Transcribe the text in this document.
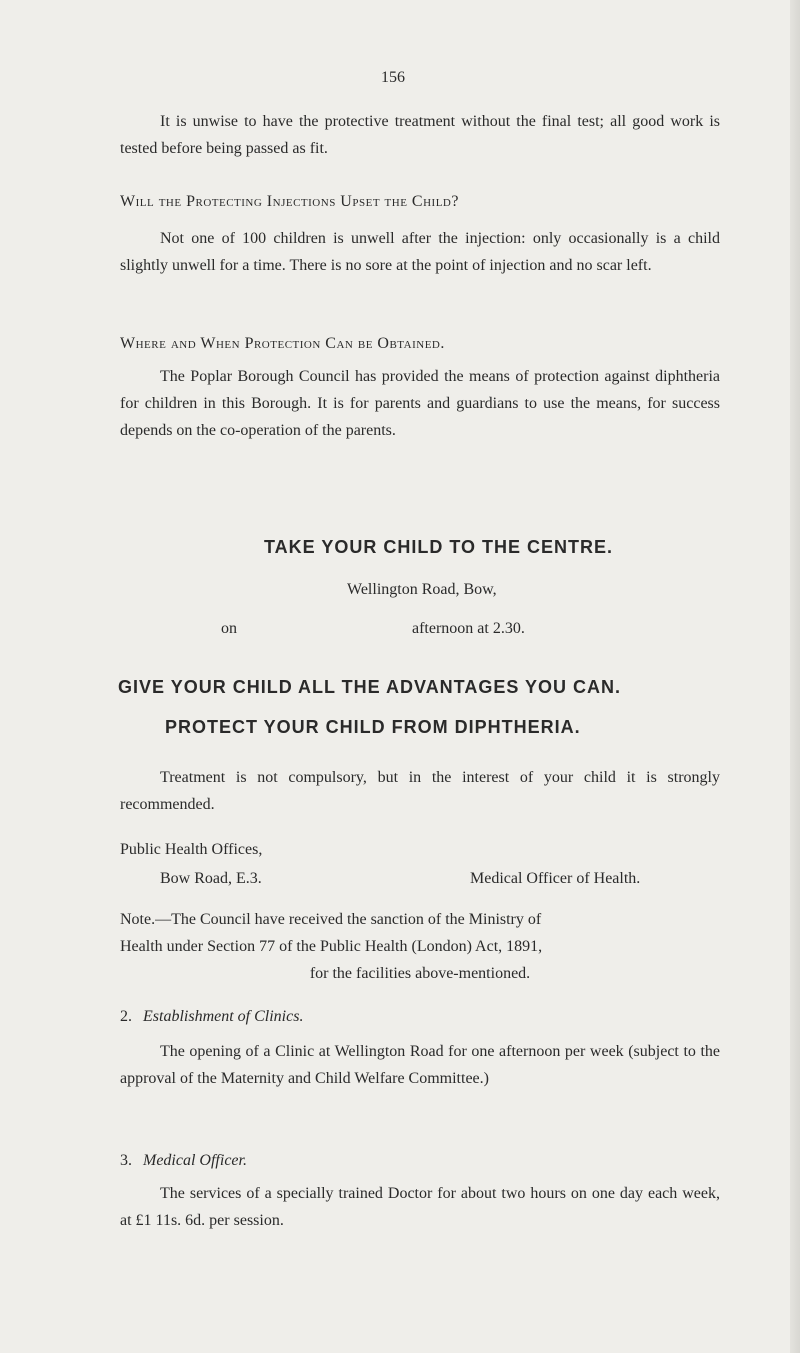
156
It is unwise to have the protective treatment without the final test; all good work is tested before being passed as fit.
Will the Protecting Injections Upset the Child?
Not one of 100 children is unwell after the injection: only occasionally is a child slightly unwell for a time. There is no sore at the point of injection and no scar left.
Where and When Protection Can be Obtained.
The Poplar Borough Council has provided the means of protection against diphtheria for children in this Borough. It is for parents and guardians to use the means, for success depends on the co-operation of the parents.
TAKE YOUR CHILD TO THE CENTRE.
Wellington Road, Bow,
on	afternoon at 2.30.
GIVE YOUR CHILD ALL THE ADVANTAGES YOU CAN.
PROTECT YOUR CHILD FROM DIPHTHERIA.
Treatment is not compulsory, but in the interest of your child it is strongly recommended.
Public Health Offices,
Bow Road, E.3.	Medical Officer of Health.
Note.—The Council have received the sanction of the Ministry of
Health under Section 77 of the Public Health (London) Act, 1891,
for the facilities above-mentioned.
2. Establishment of Clinics.
The opening of a Clinic at Wellington Road for one afternoon per week (subject to the approval of the Maternity and Child Welfare Committee.)
3. Medical Officer.
The services of a specially trained Doctor for about two hours on one day each week, at £1 11s. 6d. per session.
